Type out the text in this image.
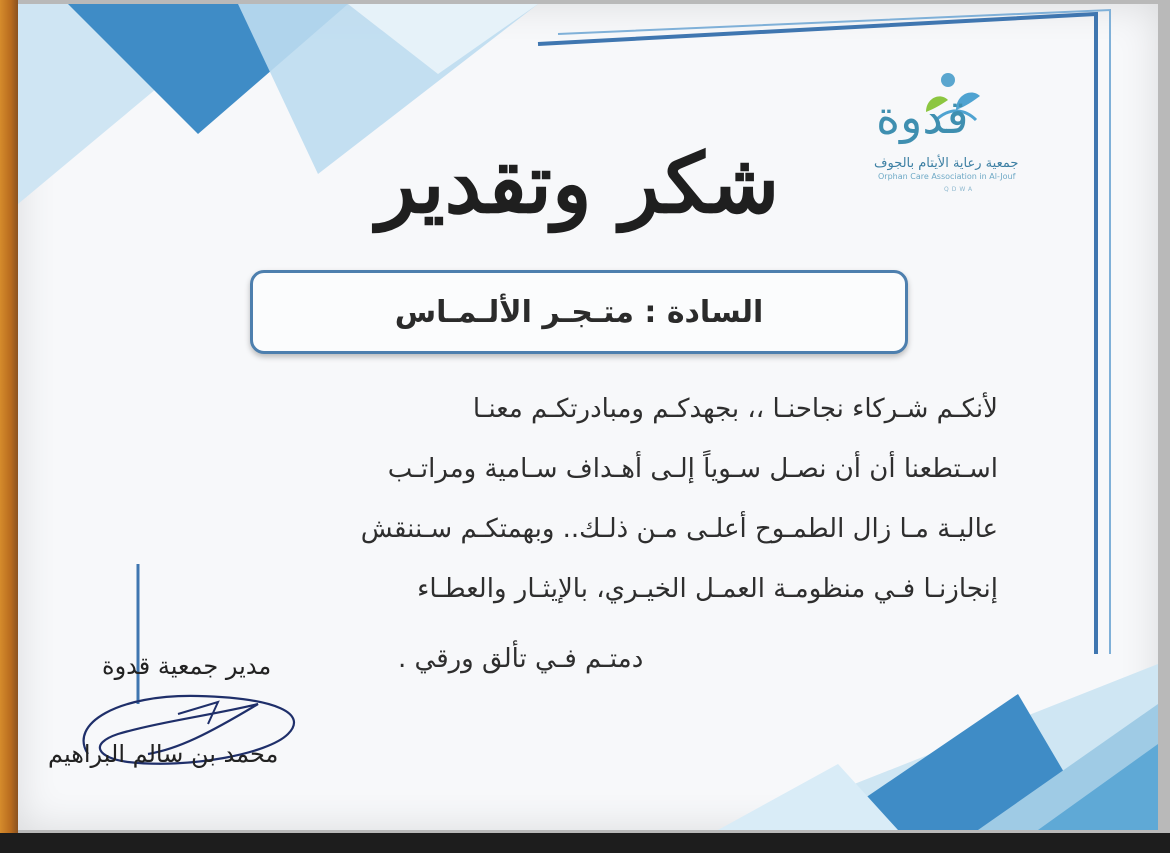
شكر وتقدير
قدوة
جمعية رعاية الأيتام بالجوف
Orphan Care Association in Al-Jouf
QDWA
السادة : متـجـر الألـمـاس
لأنكـم شـركاء نجاحنـا ،، بجهدكـم ومبادرتكـم معنـا
اسـتطعنا أن أن نصـل سـوياً إلـى أهـداف سـامية ومراتـب
عاليـة مـا زال الطمـوح أعلـى مـن ذلـك.. وبهمتكـم سـننقش
إنجازنـا فـي منظومـة العمـل الخيـري، بالإيثـار والعطـاء
دمتـم فـي تألق ورقي .
مدير جمعية قدوة
محمد بن سالم البراهيم
